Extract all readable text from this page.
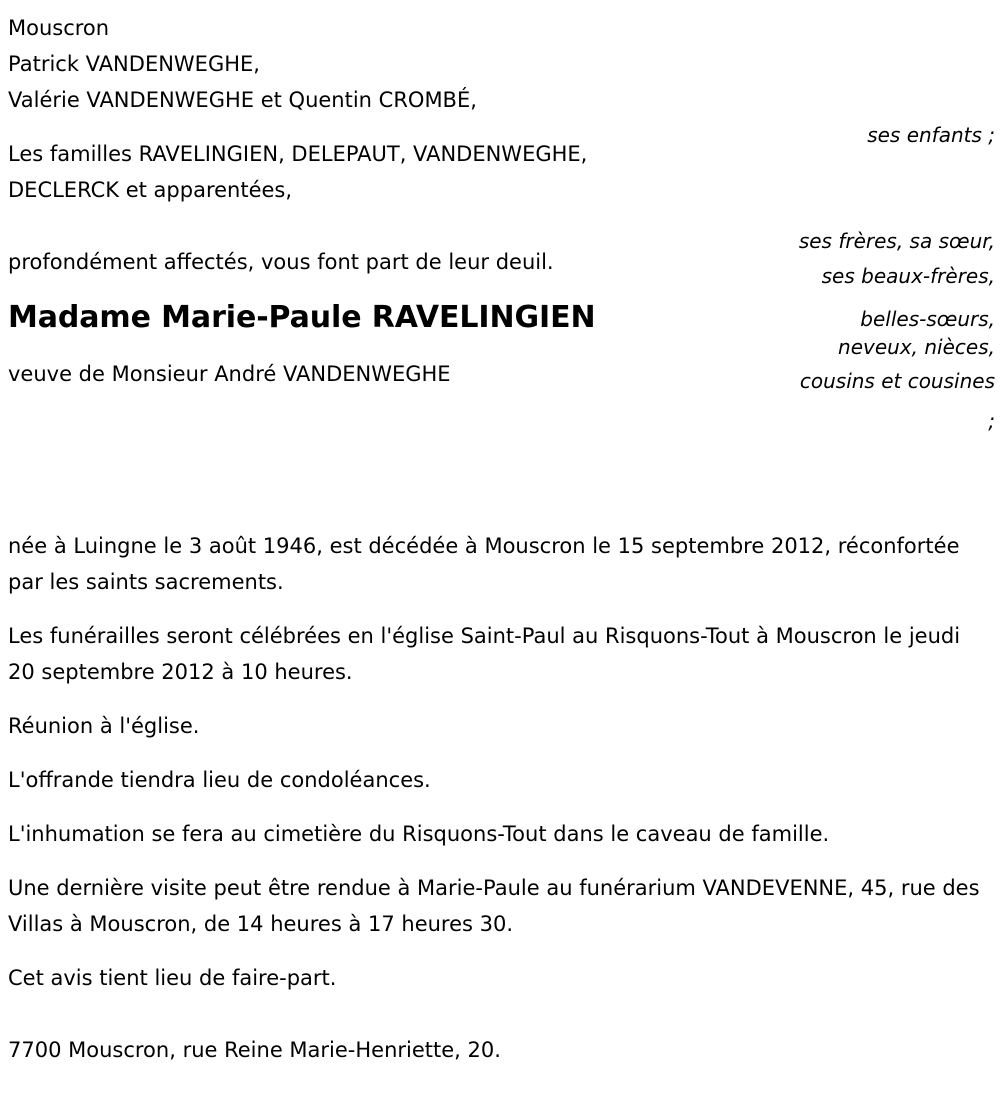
Mouscron
Patrick VANDENWEGHE,
Valérie VANDENWEGHE et Quentin CROMBÉ,
Les familles RAVELINGIEN, DELEPAUT, VANDENWEGHE,
DECLERCK et apparentées,
profondément affectés, vous font part de leur deuil.
Madame Marie-Paule RAVELINGIEN
veuve de Monsieur André VANDENWEGHE
ses enfants ;
ses frères, sa sœur,
ses beaux-frères,
belles-sœurs,
neveux, nièces,
cousins et cousines
;
née à Luingne le 3 août 1946, est décédée à Mouscron le 15 septembre 2012, réconfortée par les saints sacrements.
Les funérailles seront célébrées en l'église Saint-Paul au Risquons-Tout à Mouscron le jeudi 20 septembre 2012 à 10 heures.
Réunion à l'église.
L'offrande tiendra lieu de condoléances.
L'inhumation se fera au cimetière du Risquons-Tout dans le caveau de famille.
Une dernière visite peut être rendue à Marie-Paule au funérarium VANDEVENNE, 45, rue des Villas à Mouscron, de 14 heures à 17 heures 30.
Cet avis tient lieu de faire-part.
7700 Mouscron, rue Reine Marie-Henriette, 20.
